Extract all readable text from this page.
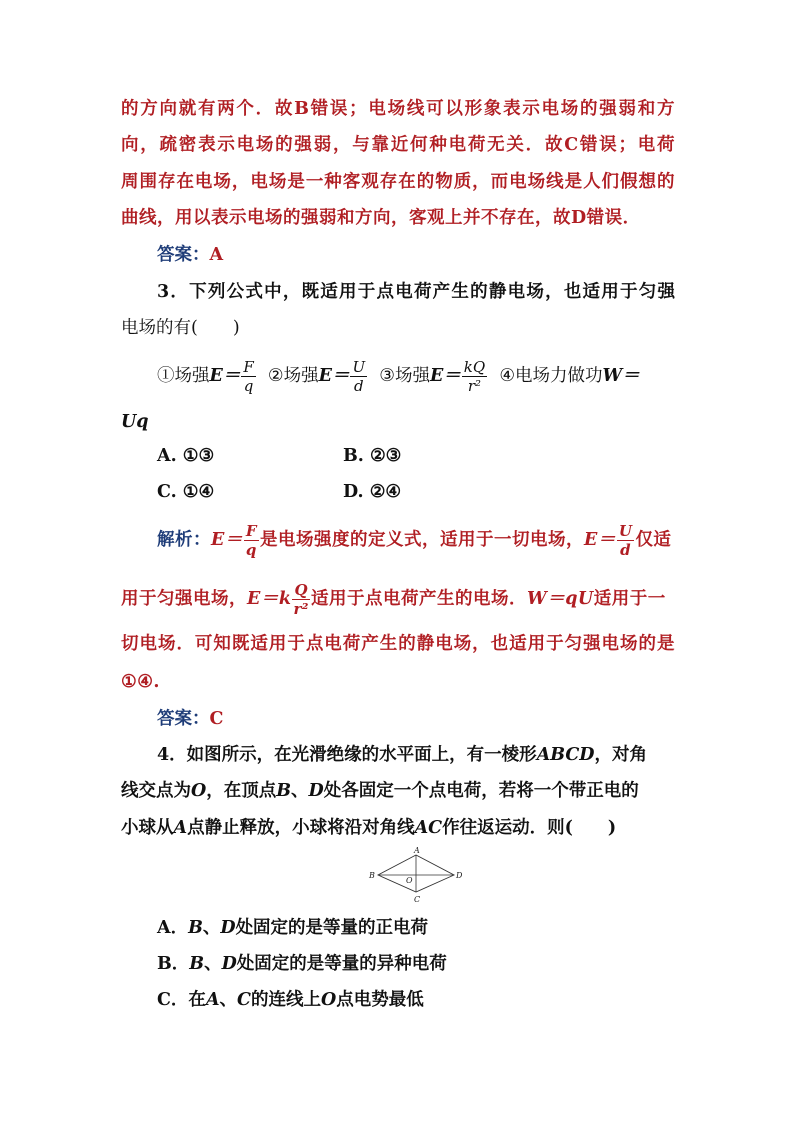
的方向就有两个．故B错误；电场线可以形象表示电场的强弱和方
向，疏密表示电场的强弱，与靠近何种电荷无关．故C错误；电荷
周围存在电场，电场是一种客观存在的物质，而电场线是人们假想的
曲线，用以表示电场的强弱和方向，客观上并不存在，故D错误．
答案：A
3．下列公式中，既适用于点电荷产生的静电场，也适用于匀强
电场的有(　　)
①场强$E= \frac{F}{q}$ ②场强$E= \frac{U}{d}$ ③场强$E= \frac{kQ}{\text{r²}}$ ④电场力做功W＝
Uq
A. ①③	B. ②③
C. ①④	D. ②④
解析：$E= \frac{F}{q}$ 是电场强度的定义式，适用于一切电场，$E= \frac{U}{d}$ 仅适
用于匀强电场，$E=k \frac{Q}{\text{r²}}$ 适用于点电荷产生的电场．W＝qU适用于一
切电场．可知既适用于点电荷产生的静电场，也适用于匀强电场的是
①④.
答案：C
4．如图所示，在光滑绝缘的水平面上，有一棱形ABCD，对角
线交点为O，在顶点B、D处各固定一个点电荷，若将一个带正电的
小球从A点静止释放，小球将沿对角线AC作往返运动．则(　　)
A
B
C
D
O
A．B、D处固定的是等量的正电荷
B．B、D处固定的是等量的异种电荷
C．在A、C的连线上O点电势最低
